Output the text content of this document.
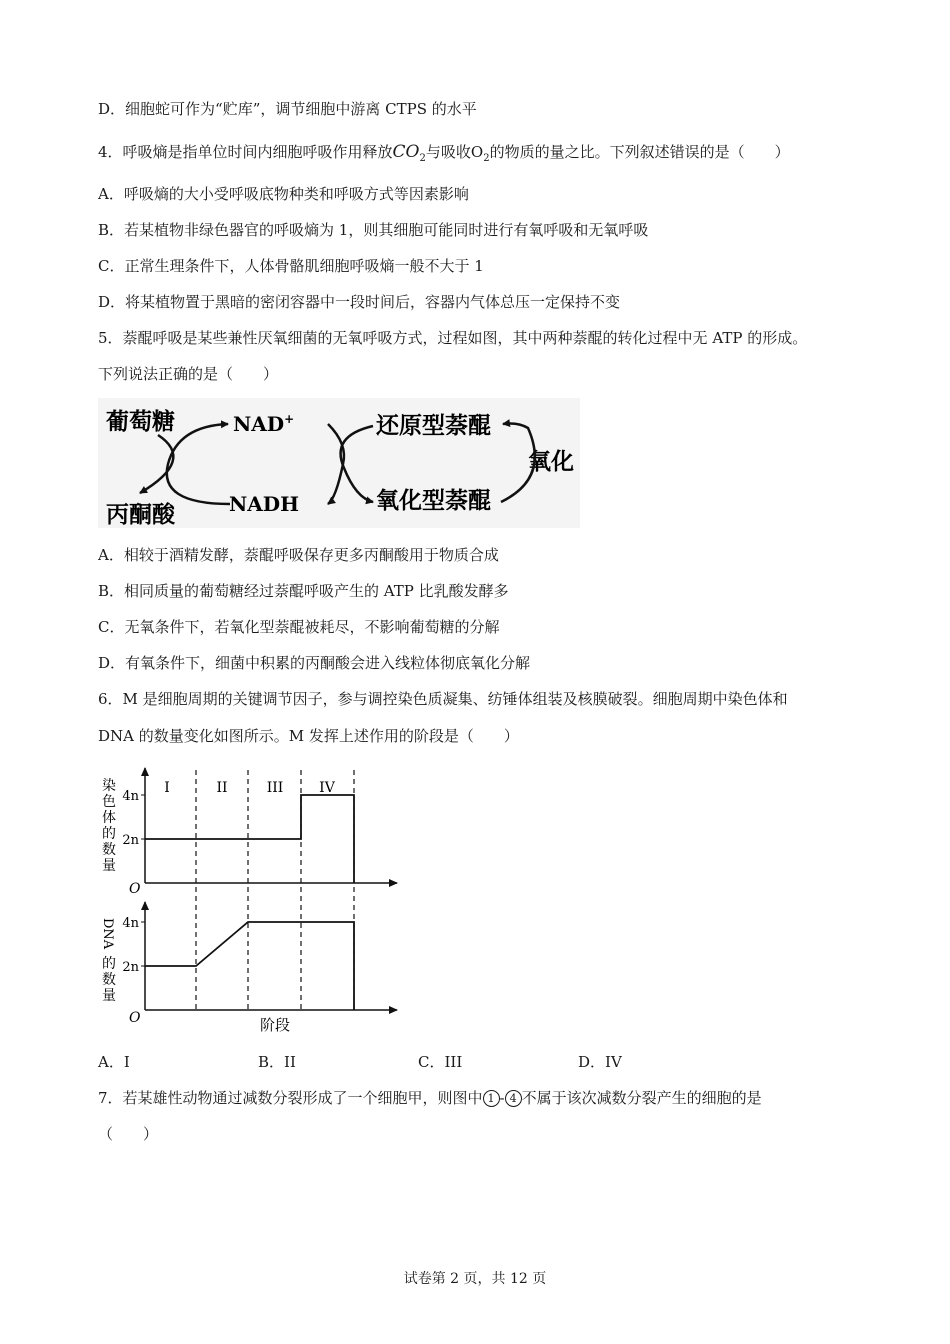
D．细胞蛇可作为“贮库”，调节细胞中游离 CTPS 的水平
4．呼吸熵是指单位时间内细胞呼吸作用释放$CO_2$与吸收$O_2$的物质的量之比。下列叙述错误的是（　　）
A．呼吸熵的大小受呼吸底物种类和呼吸方式等因素影响
B．若某植物非绿色器官的呼吸熵为 1，则其细胞可能同时进行有氧呼吸和无氧呼吸
C．正常生理条件下，人体骨骼肌细胞呼吸熵一般不大于 1
D．将某植物置于黑暗的密闭容器中一段时间后，容器内气体总压一定保持不变
5．萘醌呼吸是某些兼性厌氧细菌的无氧呼吸方式，过程如图，其中两种萘醌的转化过程中无 ATP 的形成。
下列说法正确的是（　　）
葡萄糖
丙酮酸
NAD+
NADH
还原型萘醌
氧化型萘醌
氧化
A．相较于酒精发酵，萘醌呼吸保存更多丙酮酸用于物质合成
B．相同质量的葡萄糖经过萘醌呼吸产生的 ATP 比乳酸发酵多
C．无氧条件下，若氧化型萘醌被耗尽，不影响葡萄糖的分解
D．有氧条件下，细菌中积累的丙酮酸会进入线粒体彻底氧化分解
6．M 是细胞周期的关键调节因子，参与调控染色质凝集、纺锤体组装及核膜破裂。细胞周期中染色体和
DNA 的数量变化如图所示。M 发挥上述作用的阶段是（　　）
I	II	III	IV
4n
2n
4n
2n
O
O
染 色 体 的 数 量
DNA
的 数 量
阶段
A．I	B．II	C．III	D．IV
7．若某雄性动物通过减数分裂形成了一个细胞甲，则图中 1 - 4 不属于该次减数分裂产生的细胞的是
（　　）
试卷第 2 页，共 12 页
